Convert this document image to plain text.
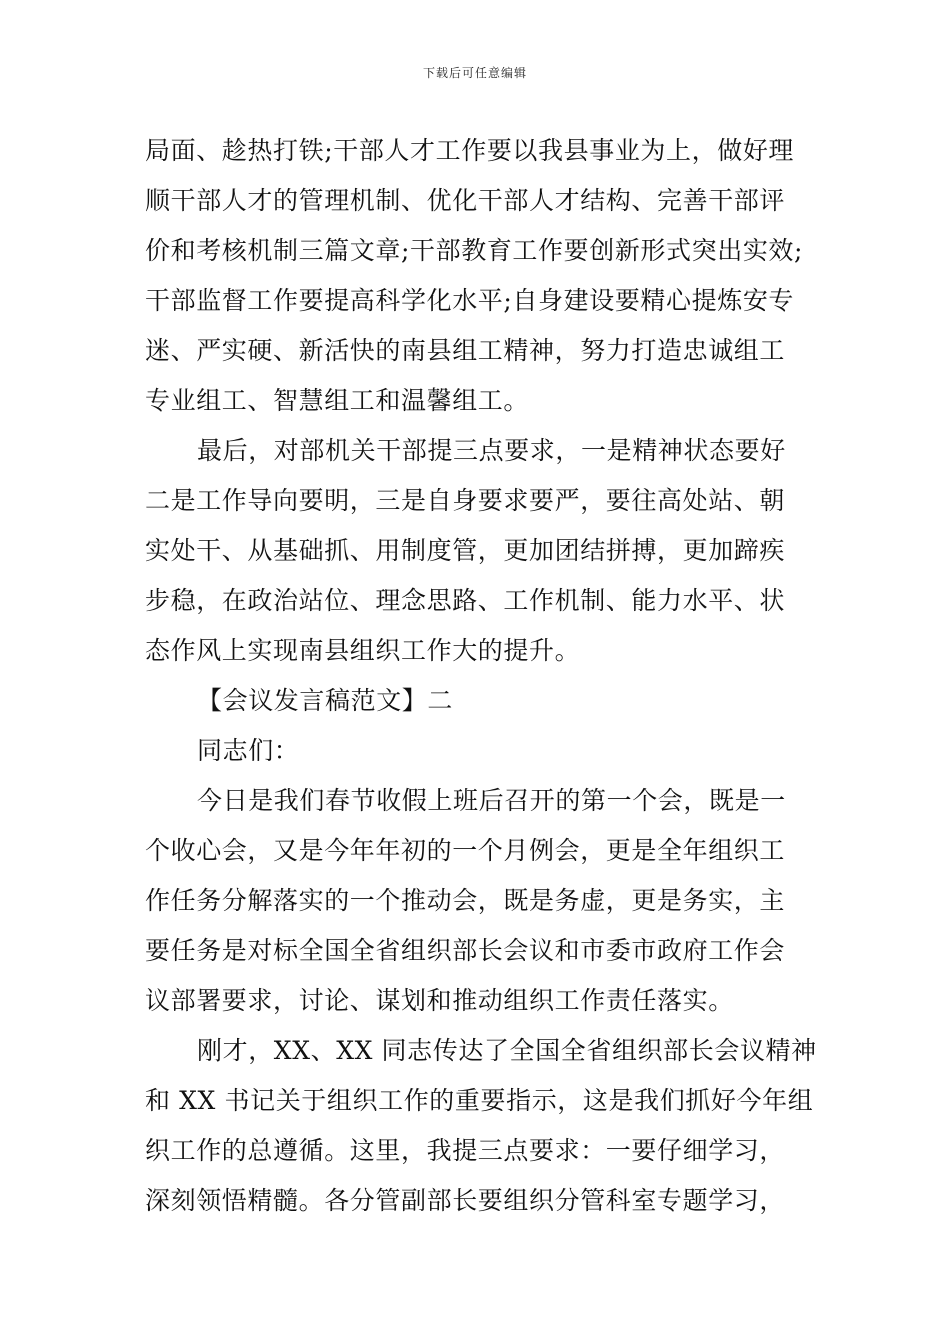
下载后可任意编辑
局面、趁热打铁;干部人才工作要以我县事业为上，做好理
顺干部人才的管理机制、优化干部人才结构、完善干部评
价和考核机制三篇文章;干部教育工作要创新形式突出实效;
干部监督工作要提高科学化水平;自身建设要精心提炼安专
迷、严实硬、新活快的南县组工精神，努力打造忠诚组工
专业组工、智慧组工和温馨组工。
最后，对部机关干部提三点要求，一是精神状态要好
二是工作导向要明，三是自身要求要严，要往高处站、朝
实处干、从基础抓、用制度管，更加团结拼搏，更加蹄疾
步稳，在政治站位、理念思路、工作机制、能力水平、状
态作风上实现南县组织工作大的提升。
【会议发言稿范文】二
同志们：
今日是我们春节收假上班后召开的第一个会，既是一
个收心会，又是今年年初的一个月例会，更是全年组织工
作任务分解落实的一个推动会，既是务虚，更是务实，主
要任务是对标全国全省组织部长会议和市委市政府工作会
议部署要求，讨论、谋划和推动组织工作责任落实。
刚才，XX、XX 同志传达了全国全省组织部长会议精神
和 XX 书记关于组织工作的重要指示，这是我们抓好今年组
织工作的总遵循。这里，我提三点要求：一要仔细学习，
深刻领悟精髓。各分管副部长要组织分管科室专题学习，
